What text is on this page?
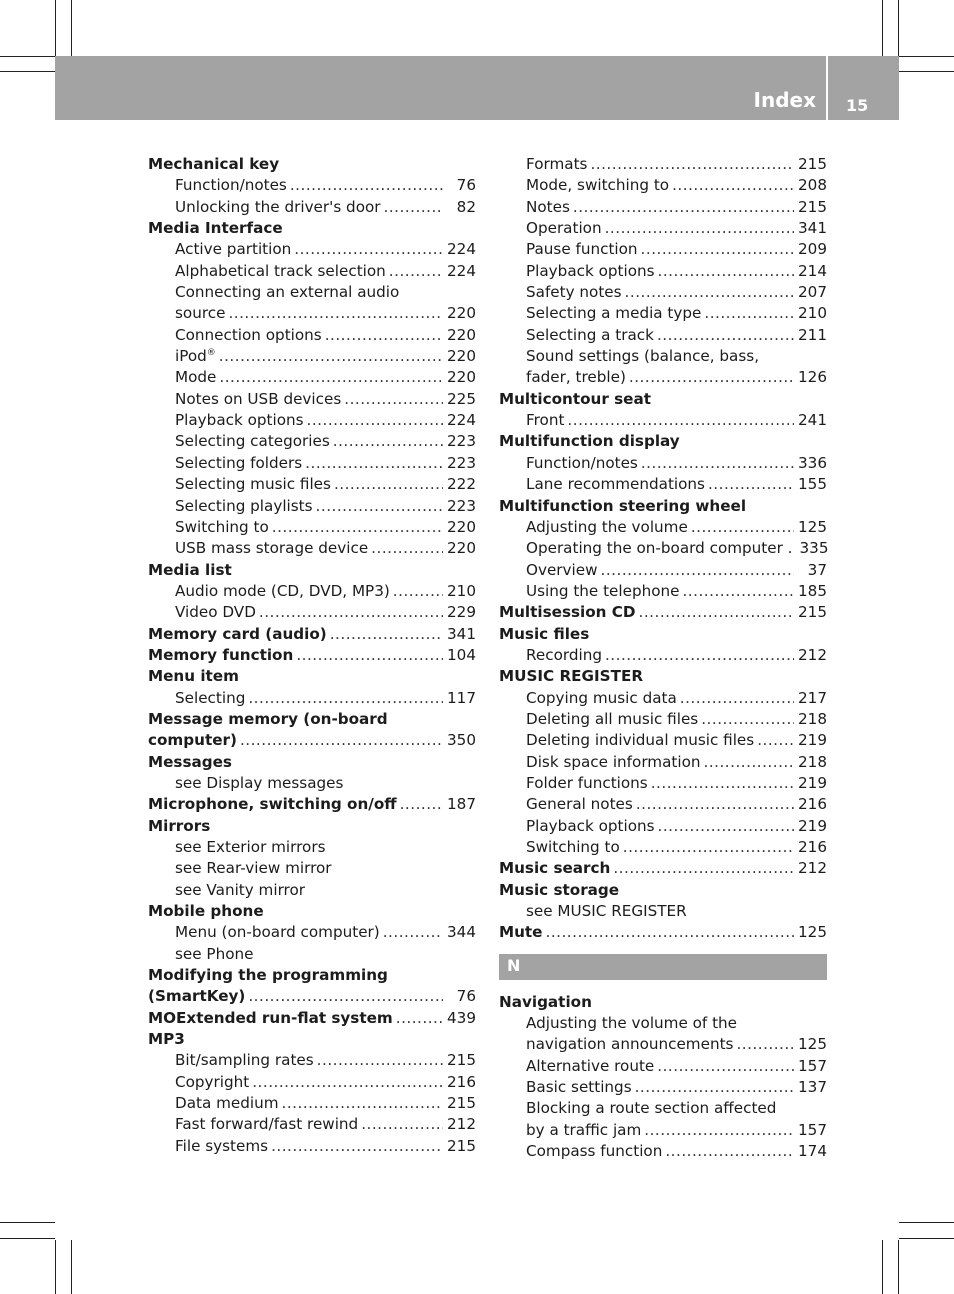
Index 15
Mechanical key
Function/notes .....	76
Unlocking the driver's door .....	82
Media Interface
Active partition .....	224
Alphabetical track selection .....	224
Connecting an external audio
source .....	220
Connection options .....	220
iPod® .....	220
Mode .....	220
Notes on USB devices .....	225
Playback options .....	224
Selecting categories .....	223
Selecting folders .....	223
Selecting music files .....	222
Selecting playlists .....	223
Switching to .....	220
USB mass storage device .....	220
Media list
Audio mode (CD, DVD, MP3) .....	210
Video DVD .....	229
Memory card (audio) .....	341
Memory function .....	104
Menu item
Selecting .....	117
Message memory (on-board
computer) .....	350
Messages
see Display messages
Microphone, switching on/off .....	187
Mirrors
see Exterior mirrors
see Rear-view mirror
see Vanity mirror
Mobile phone
Menu (on-board computer) .....	344
see Phone
Modifying the programming
(SmartKey) .....	76
MOExtended run-flat system .....	439
MP3
Bit/sampling rates .....	215
Copyright .....	216
Data medium .....	215
Fast forward/fast rewind .....	212
File systems .....	215
Formats .....	215
Mode, switching to .....	208
Notes .....	215
Operation .....	341
Pause function .....	209
Playback options .....	214
Safety notes .....	207
Selecting a media type .....	210
Selecting a track .....	211
Sound settings (balance, bass,
fader, treble) .....	126
Multicontour seat
Front .....	241
Multifunction display
Function/notes .....	336
Lane recommendations .....	155
Multifunction steering wheel
Adjusting the volume .....	125
Operating the on-board computer . 335
Overview .....	37
Using the telephone .....	185
Multisession CD .....	215
Music files
Recording .....	212
MUSIC REGISTER
Copying music data .....	217
Deleting all music files .....	218
Deleting individual music files .....	219
Disk space information .....	218
Folder functions .....	219
General notes .....	216
Playback options .....	219
Switching to .....	216
Music search .....	212
Music storage
see MUSIC REGISTER
Mute .....	125
N
Navigation
Adjusting the volume of the
navigation announcements .....	125
Alternative route .....	157
Basic settings .....	137
Blocking a route section affected
by a traffic jam .....	157
Compass function .....	174
